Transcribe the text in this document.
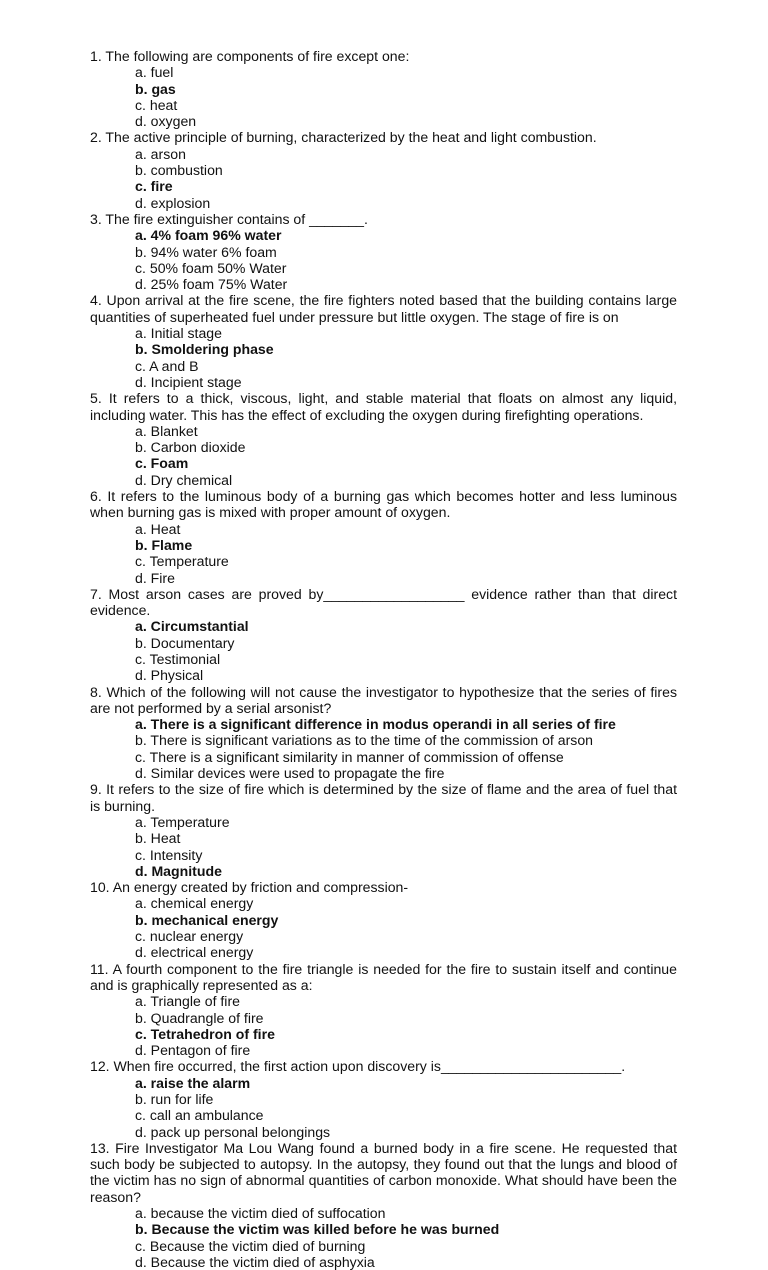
1. The following are components of fire except one:
a. fuel
b. gas
c. heat
d. oxygen
2. The active principle of burning, characterized by the heat and light combustion.
a. arson
b. combustion
c. fire
d. explosion
3. The fire extinguisher contains of _______.
a. 4% foam 96% water
b. 94% water 6% foam
c. 50% foam 50% Water
d. 25% foam 75% Water
4. Upon arrival at the fire scene, the fire fighters noted based that the building contains large quantities of superheated fuel under pressure but little oxygen. The stage of fire is on
a. Initial stage
b. Smoldering phase
c. A and B
d. Incipient stage
5. It refers to a thick, viscous, light, and stable material that floats on almost any liquid, including water. This has the effect of excluding the oxygen during firefighting operations.
a. Blanket
b. Carbon dioxide
c. Foam
d. Dry chemical
6. It refers to the luminous body of a burning gas which becomes hotter and less luminous when burning gas is mixed with proper amount of oxygen.
a. Heat
b. Flame
c. Temperature
d. Fire
7. Most arson cases are proved by__________________ evidence rather than that direct evidence.
a. Circumstantial
b. Documentary
c. Testimonial
d. Physical
8. Which of the following will not cause the investigator to hypothesize that the series of fires are not performed by a serial arsonist?
a. There is a significant difference in modus operandi in all series of fire
b. There is significant variations as to the time of the commission of arson
c. There is a significant similarity in manner of commission of offense
d. Similar devices were used to propagate the fire
9. It refers to the size of fire which is determined by the size of flame and the area of fuel that is burning.
a. Temperature
b. Heat
c. Intensity
d. Magnitude
10. An energy created by friction and compression-
a. chemical energy
b. mechanical energy
c. nuclear energy
d. electrical energy
11. A fourth component to the fire triangle is needed for the fire to sustain itself and continue and is graphically represented as a:
a. Triangle of fire
b. Quadrangle of fire
c. Tetrahedron of fire
d. Pentagon of fire
12. When fire occurred, the first action upon discovery is_______________________.
a. raise the alarm
b. run for life
c. call an ambulance
d. pack up personal belongings
13. Fire Investigator Ma Lou Wang found a burned body in a fire scene. He requested that such body be subjected to autopsy. In the autopsy, they found out that the lungs and blood of the victim has no sign of abnormal quantities of carbon monoxide. What should have been the reason?
a. because the victim died of suffocation
b. Because the victim was killed before he was burned
c. Because the victim died of burning
d. Because the victim died of asphyxia
